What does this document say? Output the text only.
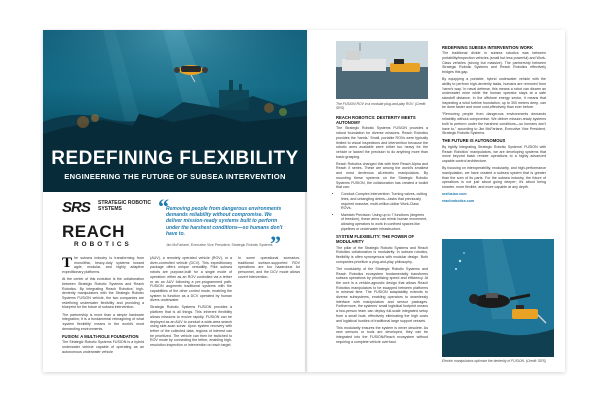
REDEFINING FLEXIBILITY
ENGINEERING THE FUTURE OF SUBSEA INTERVENTION
SRS STRATEGIC ROBOTIC SYSTEMS
REACH
ROBOTICS
“
Removing people from dangerous environments demands reliability without compromise. We deliver mission-ready systems built to perform under the harshest conditions—so humans don't have to.
Jim McFarlane, Executive Vice President, Strategic Robotic Systems
”

The subsea industry is transforming from monolithic, heavy-duty systems toward agile, modular, and highly adaptive expeditionary platforms.

At the center of this evolution is the collaboration between Strategic Robotic Systems and Reach Robotics. By integrating Reach Robotics' high-dexterity manipulators with the Strategic Robotic Systems FUSION vehicle, the two companies are redefining underwater flexibility and providing a blueprint for the future of subsea intervention.

The partnership is more than a simple hardware integration; it is a fundamental reimagining of what 'system flexibility' means in the world's most demanding environments.

FUSION: A MULTI-ROLE FOUNDATION

The Strategic Robotic Systems FUSION is a hybrid underwater vehicle capable of operating as an autonomous underwater vehicle

(AUV), a remotely operated vehicle (ROV), or a diver-controlled vehicle (DCV). This expeditionary package offers unique versatility. Pilot subsea robots are purpose-built for a single mode of operation: either as an ROV controlled via a tether or as an AUV following a pre-programmed path. FUSION augments traditional systems with the capabilities of the other control mode, enabling the system to function as a DCV operated by human divers underwater.

Strategic Robotic Systems FUSION provides a platform that is all things. This inherent flexibility allows missions to evolve rapidly. FUSION can be deployed as an AUV to conduct a wide-area search using side-scan sonar. Upon system recovery with tether of the collected data, regions of interest can be prioritized. The vehicle can then be switched to ROV mode by connecting the tether, enabling high-resolution inspection or intervention on each target.

In some operational scenarios, traditional surface-supported ROV operations are too hazardous for personnel, and the DCV mode allows covert intervention.

The FUSION ROV in a modular plug-and-play ROV. (Credit: SRS)
REACH ROBOTICS: DEXTERITY MEETS AUTONOMY

The Strategic Robotic Systems FUSION provides a robust foundation for diverse missions. Reach Robotics provides the 'hands.' Small, portable ROVs were typically limited to visual inspections and intervention because the robotic arms available were either too heavy for the vehicle or lacked the precision to do anything more than basic grasping.

Reach Robotics changed this with their Reach Alpha and Reach X series. These are among the world's smallest and most dexterous all-electric manipulators. By mounting these systems on the Strategic Robotic Systems FUSION, the collaboration has created a toolkit that can:

• Conduct Complex Intervention: Turning valves, cutting lines, and untangling debris—tasks that previously required massive, multi-million-dollar Work-Class ROVs.
• Maintain Precision: Using up to 7 functions (degrees of freedom), these arms can mimic human movement, allowing operators to work in confined spaces like pipelines or underwater infrastructure.
SYSTEM FLEXIBILITY: THE POWER OF MODULARITY

The pillar of the Strategic Robotic Systems and Reach Robotics collaboration is modularity. In subsea robotics, flexibility is often synonymous with modular design. Both companies prioritize a plug-and-play philosophy.

The modularity of the Strategic Robotic Systems and Reach Robotics ecosystem fundamentally transforms subsea operations by prioritizing speed and efficiency. At the core is a vehicle-agnostic design that allows Reach Robotics manipulators to be swapped between platforms in minimal time. The FUSION adaptability extends to diverse subsystems, enabling operators to seamlessly interface with manipulators and sensor packages. Furthermore, the systems' small logistical footprint means a two-person team can deploy full-scale integrated setup from a small boat, effectively eliminating the high costs and logistical hurdles of traditional large support vessels.

This modularity ensures the system is never obsolete. As new sensors or tools are developed, they can be integrated into the FUSION/Reach ecosystem without requiring a complete vehicle overhaul.

REDEFINING SUBSEA INTERVENTION WORK

The traditional divide in subsea robotics was between portability/inspection vehicles (small but less powerful) and Work-Class vehicles (strong but massive). The partnership between Strategic Robotic Systems and Reach Robotics effectively bridges this gap.

By equipping a portable, hybrid underwater vehicle with the ability to perform high-dexterity tasks, humans are removed from 'harm's way.' In naval defense, this means a robot can disarm an underwater mine while the human operator stays at a safe standoff distance. In the offshore energy sector, it means that inspecting a wind turbine foundation, up to 300 meters deep, can be done faster and more cost-effectively than ever before.

"Removing people from dangerous environments demands reliability without compromise. We deliver mission-ready systems built to perform under the harshest conditions—so humans don't have to," according to Jim McFarlane, Executive Vice President, Strategic Robotic Systems.

THE FUTURE IS AUTONOMOUS

By tightly integrating Strategic Robotic Systems' FUSION with Reach Robotics' manipulators, we are developing systems that move beyond basic remote operations to a highly advanced capable control architecture.

By focusing on interoperability, modularity, and high-performance manipulation, we have created a subsea system that is greater than the sum of its parts. For the subsea industry, the future of operations is not just about going deeper; it's about being smarter, more flexible, and more capable at any depth.

srsfusion.com

reachrobotics.com

Electric manipulators optimise the dexterity of FUSION. (Credit: SRS)
